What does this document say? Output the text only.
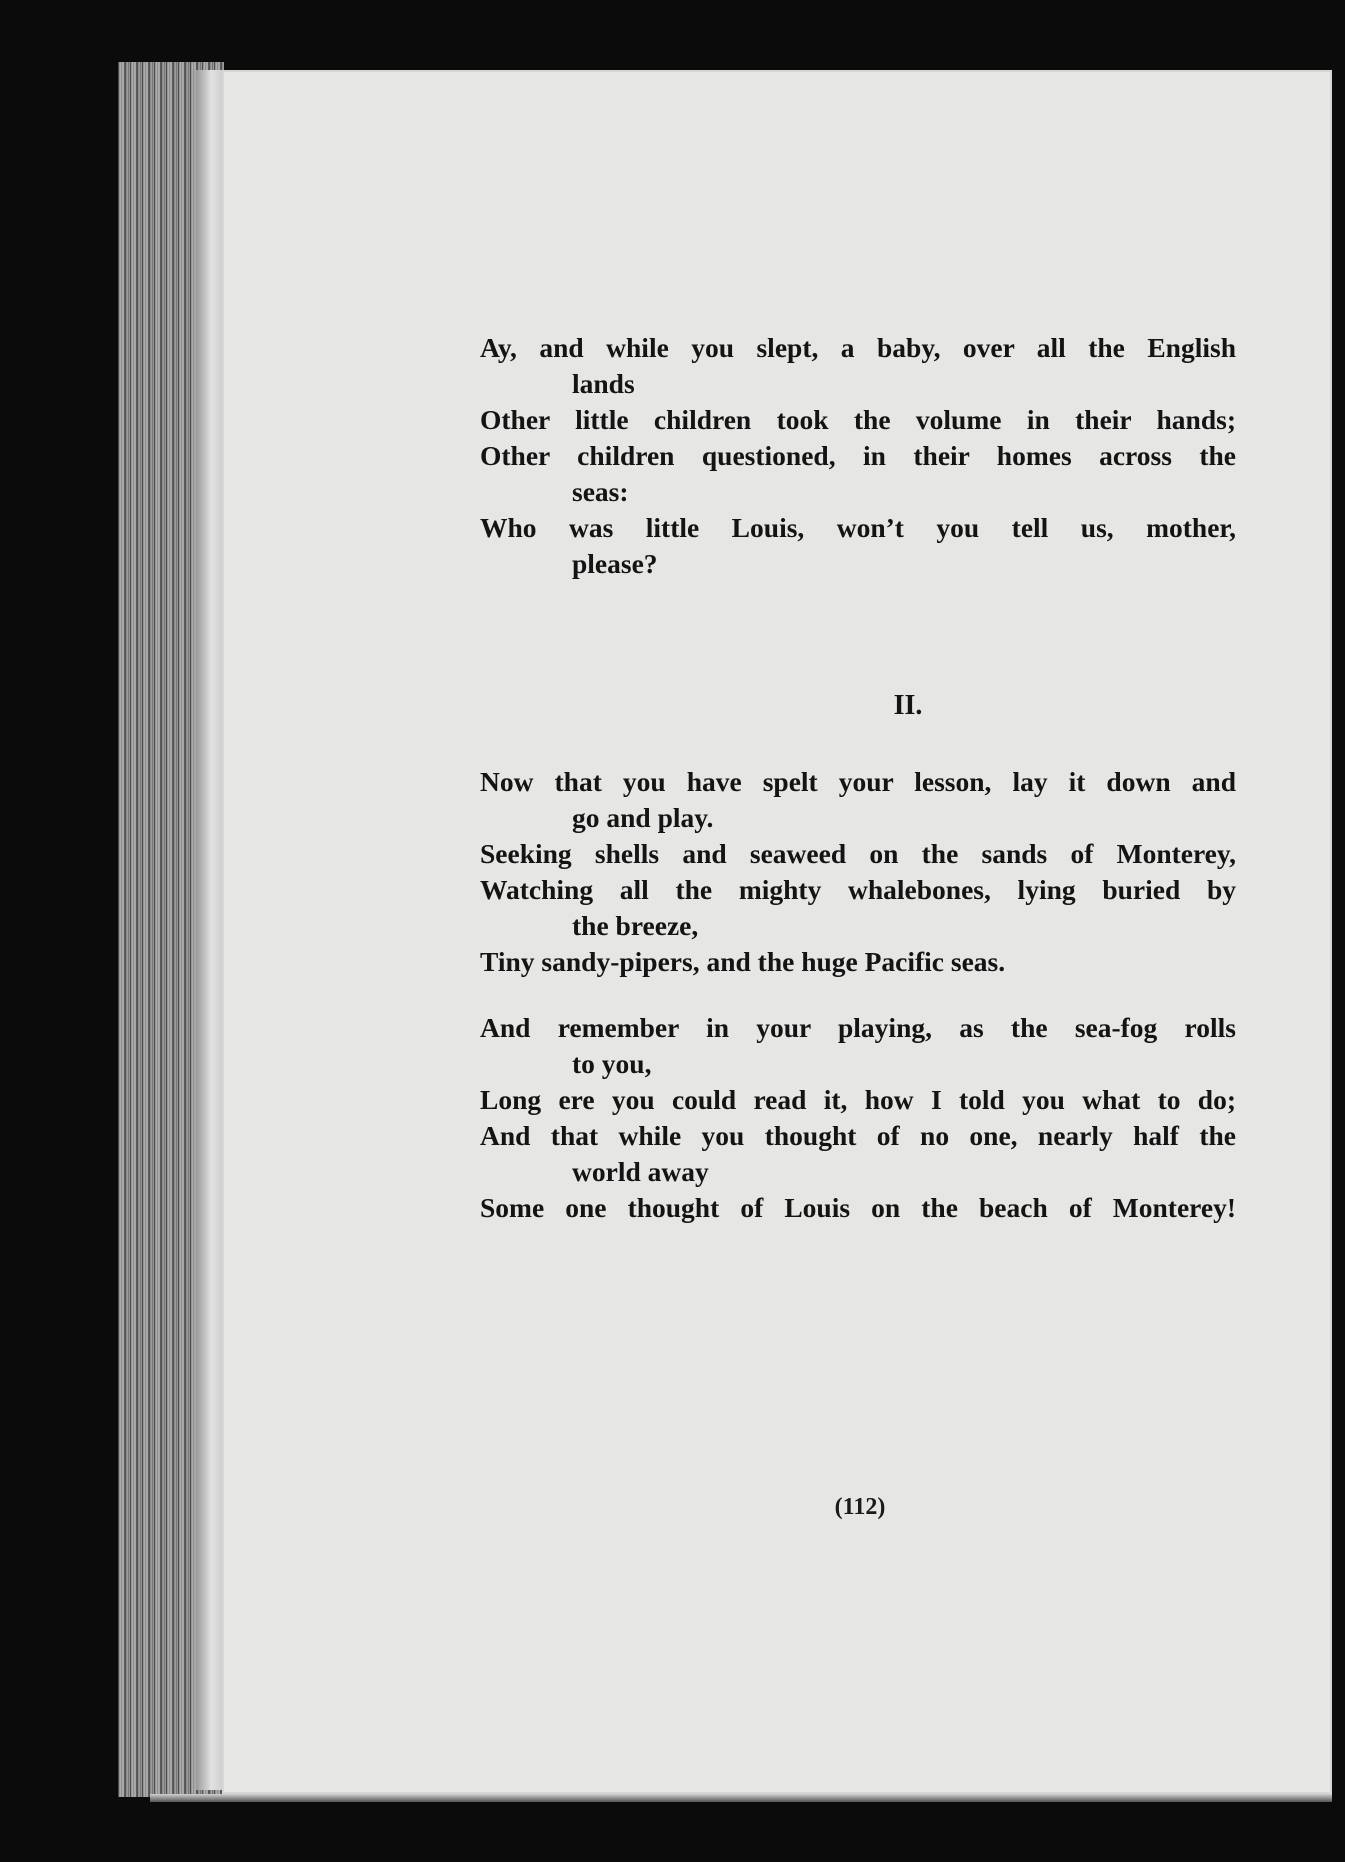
Ay, and while you slept, a baby, over all the English
lands
Other little children took the volume in their hands;
Other children questioned, in their homes across the
seas:
Who was little Louis, won’t you tell us, mother,
please?
II.
Now that you have spelt your lesson, lay it down and
go and play.
Seeking shells and seaweed on the sands of Monterey,
Watching all the mighty whalebones, lying buried by
the breeze,
Tiny sandy-pipers, and the huge Pacific seas.
And remember in your playing, as the sea-fog rolls
to you,
Long ere you could read it, how I told you what to do;
And that while you thought of no one, nearly half the
world away
Some one thought of Louis on the beach of Monterey!
(112)
